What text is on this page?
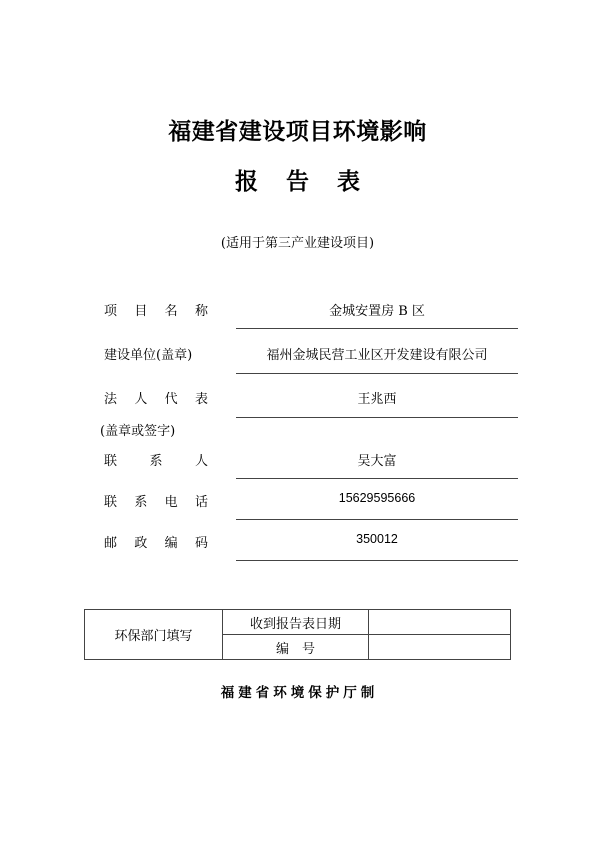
福建省建设项目环境影响
报告表
(适用于第三产业建设项目)
项目名称	金城安置房 B 区
建设单位(盖章)	福州金城民营工业区开发建设有限公司
法人代表	王兆西
(盖章或签字)
联系人	吴大富
联系电话	15629595666
邮政编码	350012
环保部门填写	收到报告表日期	
	编　号	
福建省环境保护厅制
